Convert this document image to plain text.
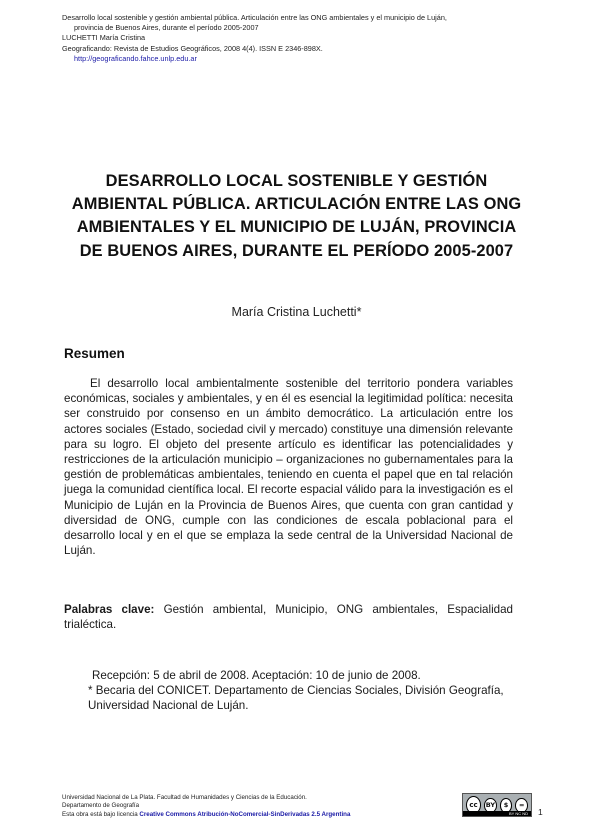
Desarrollo local sostenible y gestión ambiental pública. Articulación entre las ONG ambientales y el municipio de Luján,
provincia de Buenos Aires, durante el período 2005-2007
LUCHETTI María Cristina
Geograficando: Revista de Estudios Geográficos, 2008 4(4). ISSN E 2346-898X.
http://geograficando.fahce.unlp.edu.ar
DESARROLLO LOCAL SOSTENIBLE Y GESTIÓN AMBIENTAL PÚBLICA. ARTICULACIÓN ENTRE LAS ONG AMBIENTALES Y EL MUNICIPIO DE LUJÁN, PROVINCIA DE BUENOS AIRES, DURANTE EL PERÍODO 2005-2007
María Cristina Luchetti*
Resumen
El desarrollo local ambientalmente sostenible del territorio pondera variables económicas, sociales y ambientales, y en él es esencial la legitimidad política: necesita ser construido por consenso en un ámbito democrático. La articulación entre los actores sociales (Estado, sociedad civil y mercado) constituye una dimensión relevante para su logro. El objeto del presente artículo es identificar las potencialidades y restricciones de la articulación municipio – organizaciones no gubernamentales para la gestión de problemáticas ambientales, teniendo en cuenta el papel que en tal relación juega la comunidad científica local. El recorte espacial válido para la investigación es el Municipio de Luján en la Provincia de Buenos Aires, que cuenta con gran cantidad y diversidad de ONG, cumple con las condiciones de escala poblacional para el desarrollo local y en el que se emplaza la sede central de la Universidad Nacional de Luján.
Palabras clave: Gestión ambiental, Municipio, ONG ambientales, Espacialidad trialéctica.
Recepción: 5 de abril de 2008. Aceptación: 10 de junio de 2008.
* Becaria del CONICET. Departamento de Ciencias Sociales, División Geografía, Universidad Nacional de Luján.
Universidad Nacional de La Plata. Facultad de Humanidades y Ciencias de la Educación.
Departamento de Geografía
Esta obra está bajo licencia Creative Commons Atribución-NoComercial-SinDerivadas 2.5 Argentina
cc	BY	$	=
BY NC ND	1
